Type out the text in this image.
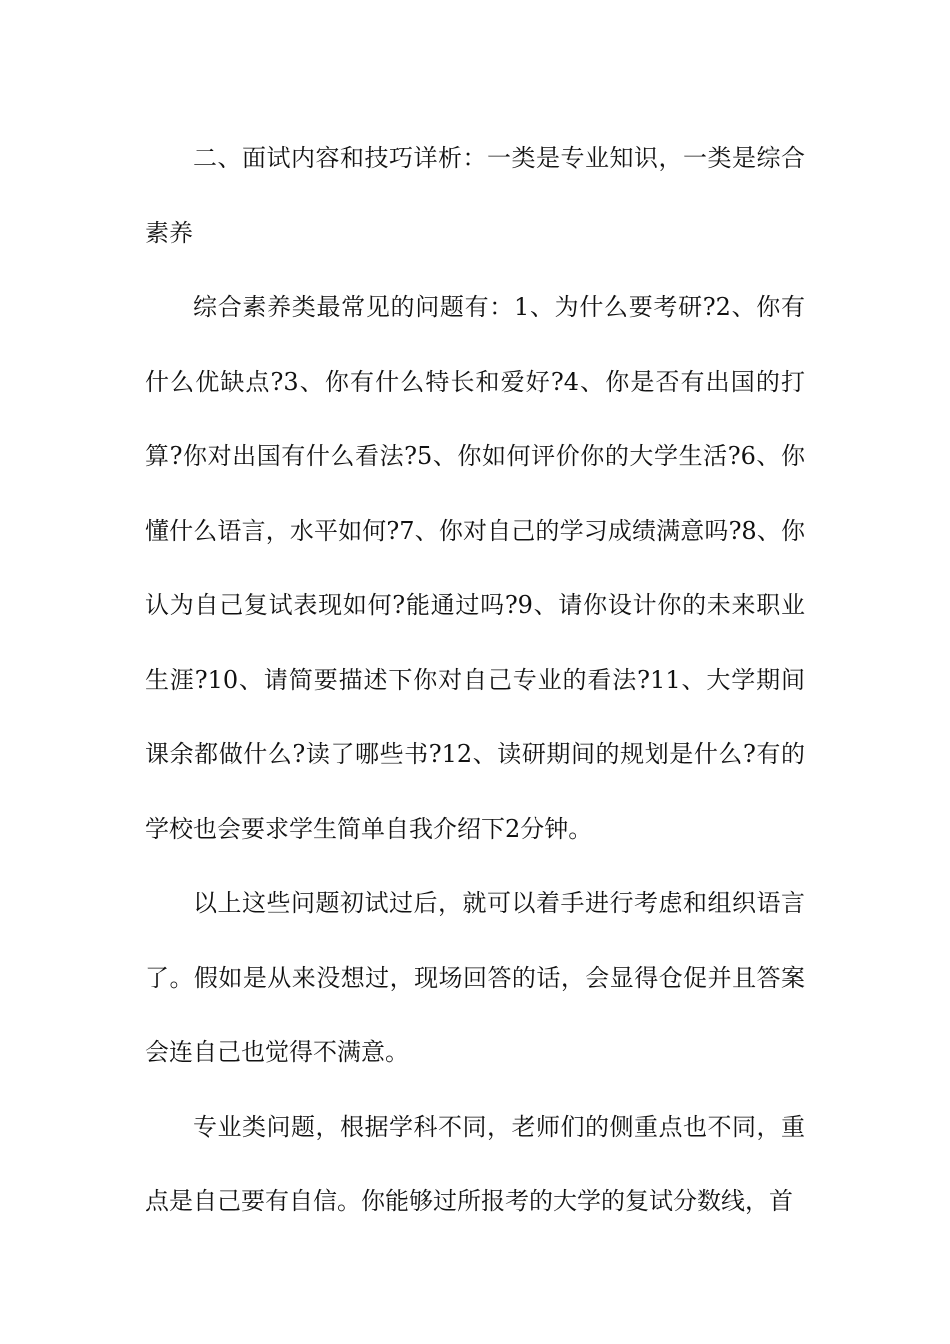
二、面试内容和技巧详析：一类是专业知识，一类是综合素养

综合素养类最常见的问题有：1、为什么要考研?2、你有什么优缺点?3、你有什么特长和爱好?4、你是否有出国的打算?你对出国有什么看法?5、你如何评价你的大学生活?6、你懂什么语言，水平如何?7、你对自己的学习成绩满意吗?8、你认为自己复试表现如何?能通过吗?9、请你设计你的未来职业生涯?10、请简要描述下你对自己专业的看法?11、大学期间课余都做什么?读了哪些书?12、读研期间的规划是什么?有的学校也会要求学生简单自我介绍下2分钟。

以上这些问题初试过后，就可以着手进行考虑和组织语言了。假如是从来没想过，现场回答的话，会显得仓促并且答案会连自己也觉得不满意。

专业类问题，根据学科不同，老师们的侧重点也不同，重点是自己要有自信。你能够过所报考的大学的复试分数线，首
